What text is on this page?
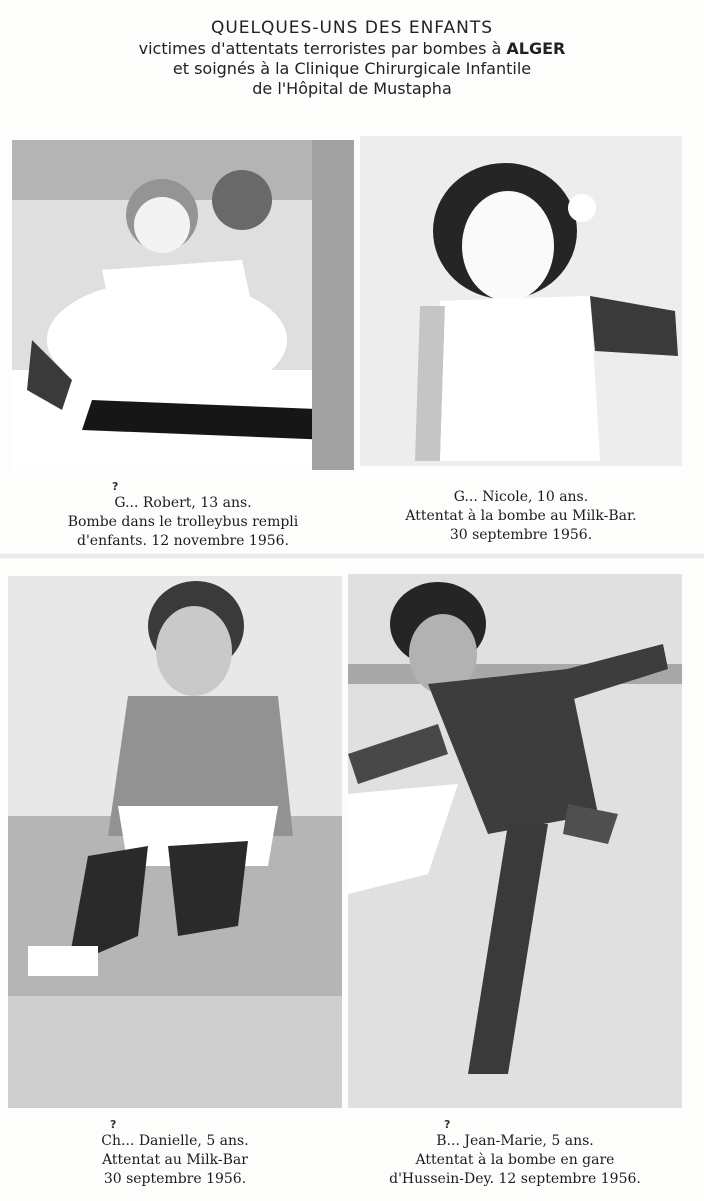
QUELQUES-UNS DES ENFANTS
victimes d'attentats terroristes par bombes à ALGER
et soignés à la Clinique Chirurgicale Infantile
de l'Hôpital de Mustapha
?
G... Robert, 13 ans.
Bombe dans le trolleybus rempli
d'enfants. 12 novembre 1956.
G... Nicole, 10 ans.
Attentat à la bombe au Milk-Bar.
30 septembre 1956.
?
Ch... Danielle, 5 ans.
Attentat au Milk-Bar
30 septembre 1956.
?
B... Jean-Marie, 5 ans.
Attentat à la bombe en gare
d'Hussein-Dey. 12 septembre 1956.
